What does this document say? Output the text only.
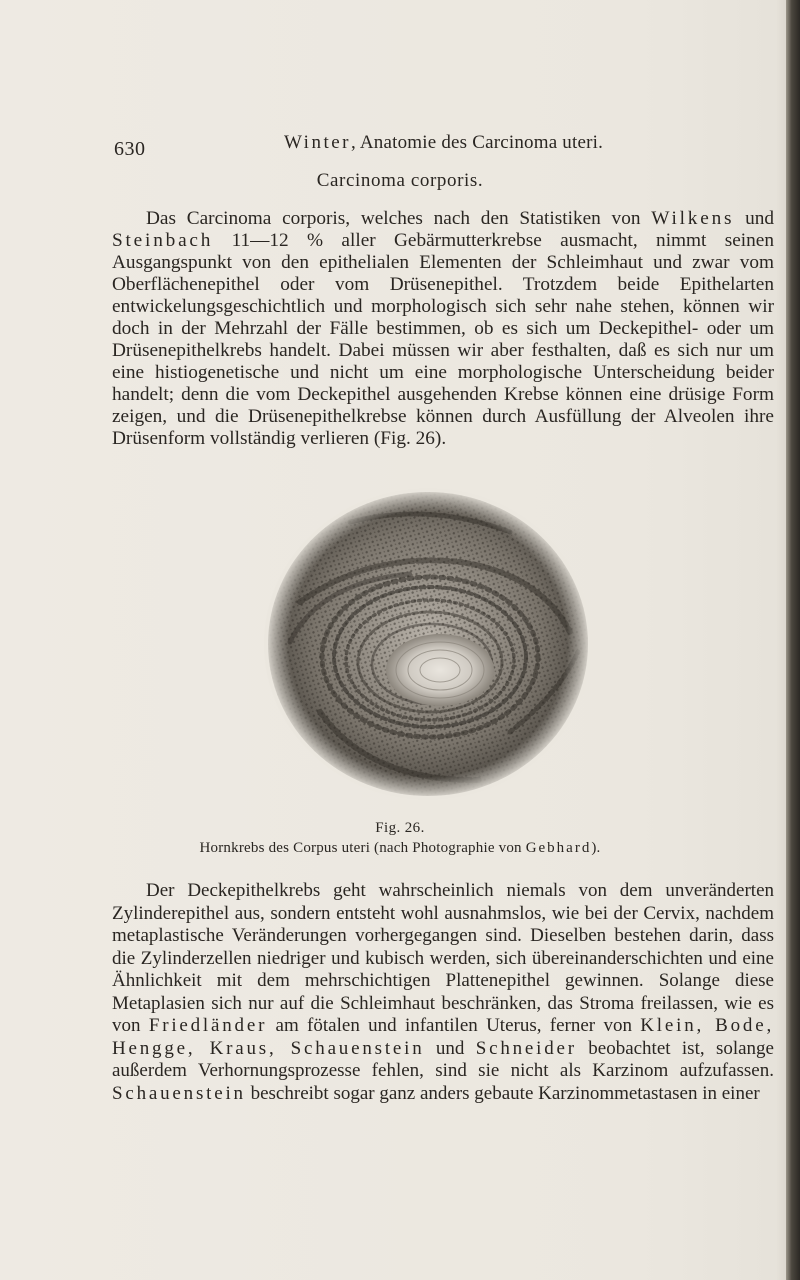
630	Winter, Anatomie des Carcinoma uteri.
Carcinoma corporis.

Das Carcinoma corporis, welches nach den Statistiken von Wilkens und Steinbach 11—12 % aller Gebärmutterkrebse ausmacht, nimmt seinen Ausgangspunkt von den epithelialen Elementen der Schleimhaut und zwar vom Oberflächenepithel oder vom Drüsenepithel. Trotzdem beide Epithelarten entwickelungsgeschichtlich und morphologisch sich sehr nahe stehen, können wir doch in der Mehrzahl der Fälle bestimmen, ob es sich um Deckepithel- oder um Drüsenepithelkrebs handelt. Dabei müssen wir aber festhalten, daß es sich nur um eine histiogenetische und nicht um eine morphologische Unterscheidung beider handelt; denn die vom Deckepithel ausgehenden Krebse können eine drüsige Form zeigen, und die Drüsenepithelkrebse können durch Ausfüllung der Alveolen ihre Drüsenform vollständig verlieren (Fig. 26).

Fig. 26.
Hornkrebs des Corpus uteri (nach Photographie von Gebhard).

Der Deckepithelkrebs geht wahrscheinlich niemals von dem unveränderten Zylinderepithel aus, sondern entsteht wohl ausnahmslos, wie bei der Cervix, nachdem metaplastische Veränderungen vorhergegangen sind. Dieselben bestehen darin, dass die Zylinderzellen niedriger und kubisch werden, sich übereinanderschichten und eine Ähnlichkeit mit dem mehrschichtigen Plattenepithel gewinnen. Solange diese Metaplasien sich nur auf die Schleimhaut beschränken, das Stroma freilassen, wie es von Friedländer am fötalen und infantilen Uterus, ferner von Klein, Bode, Hengge, Kraus, Schauenstein und Schneider beobachtet ist, solange außerdem Verhornungsprozesse fehlen, sind sie nicht als Karzinom aufzufassen. Schauenstein beschreibt sogar ganz anders gebaute Karzinommetastasen in einer
